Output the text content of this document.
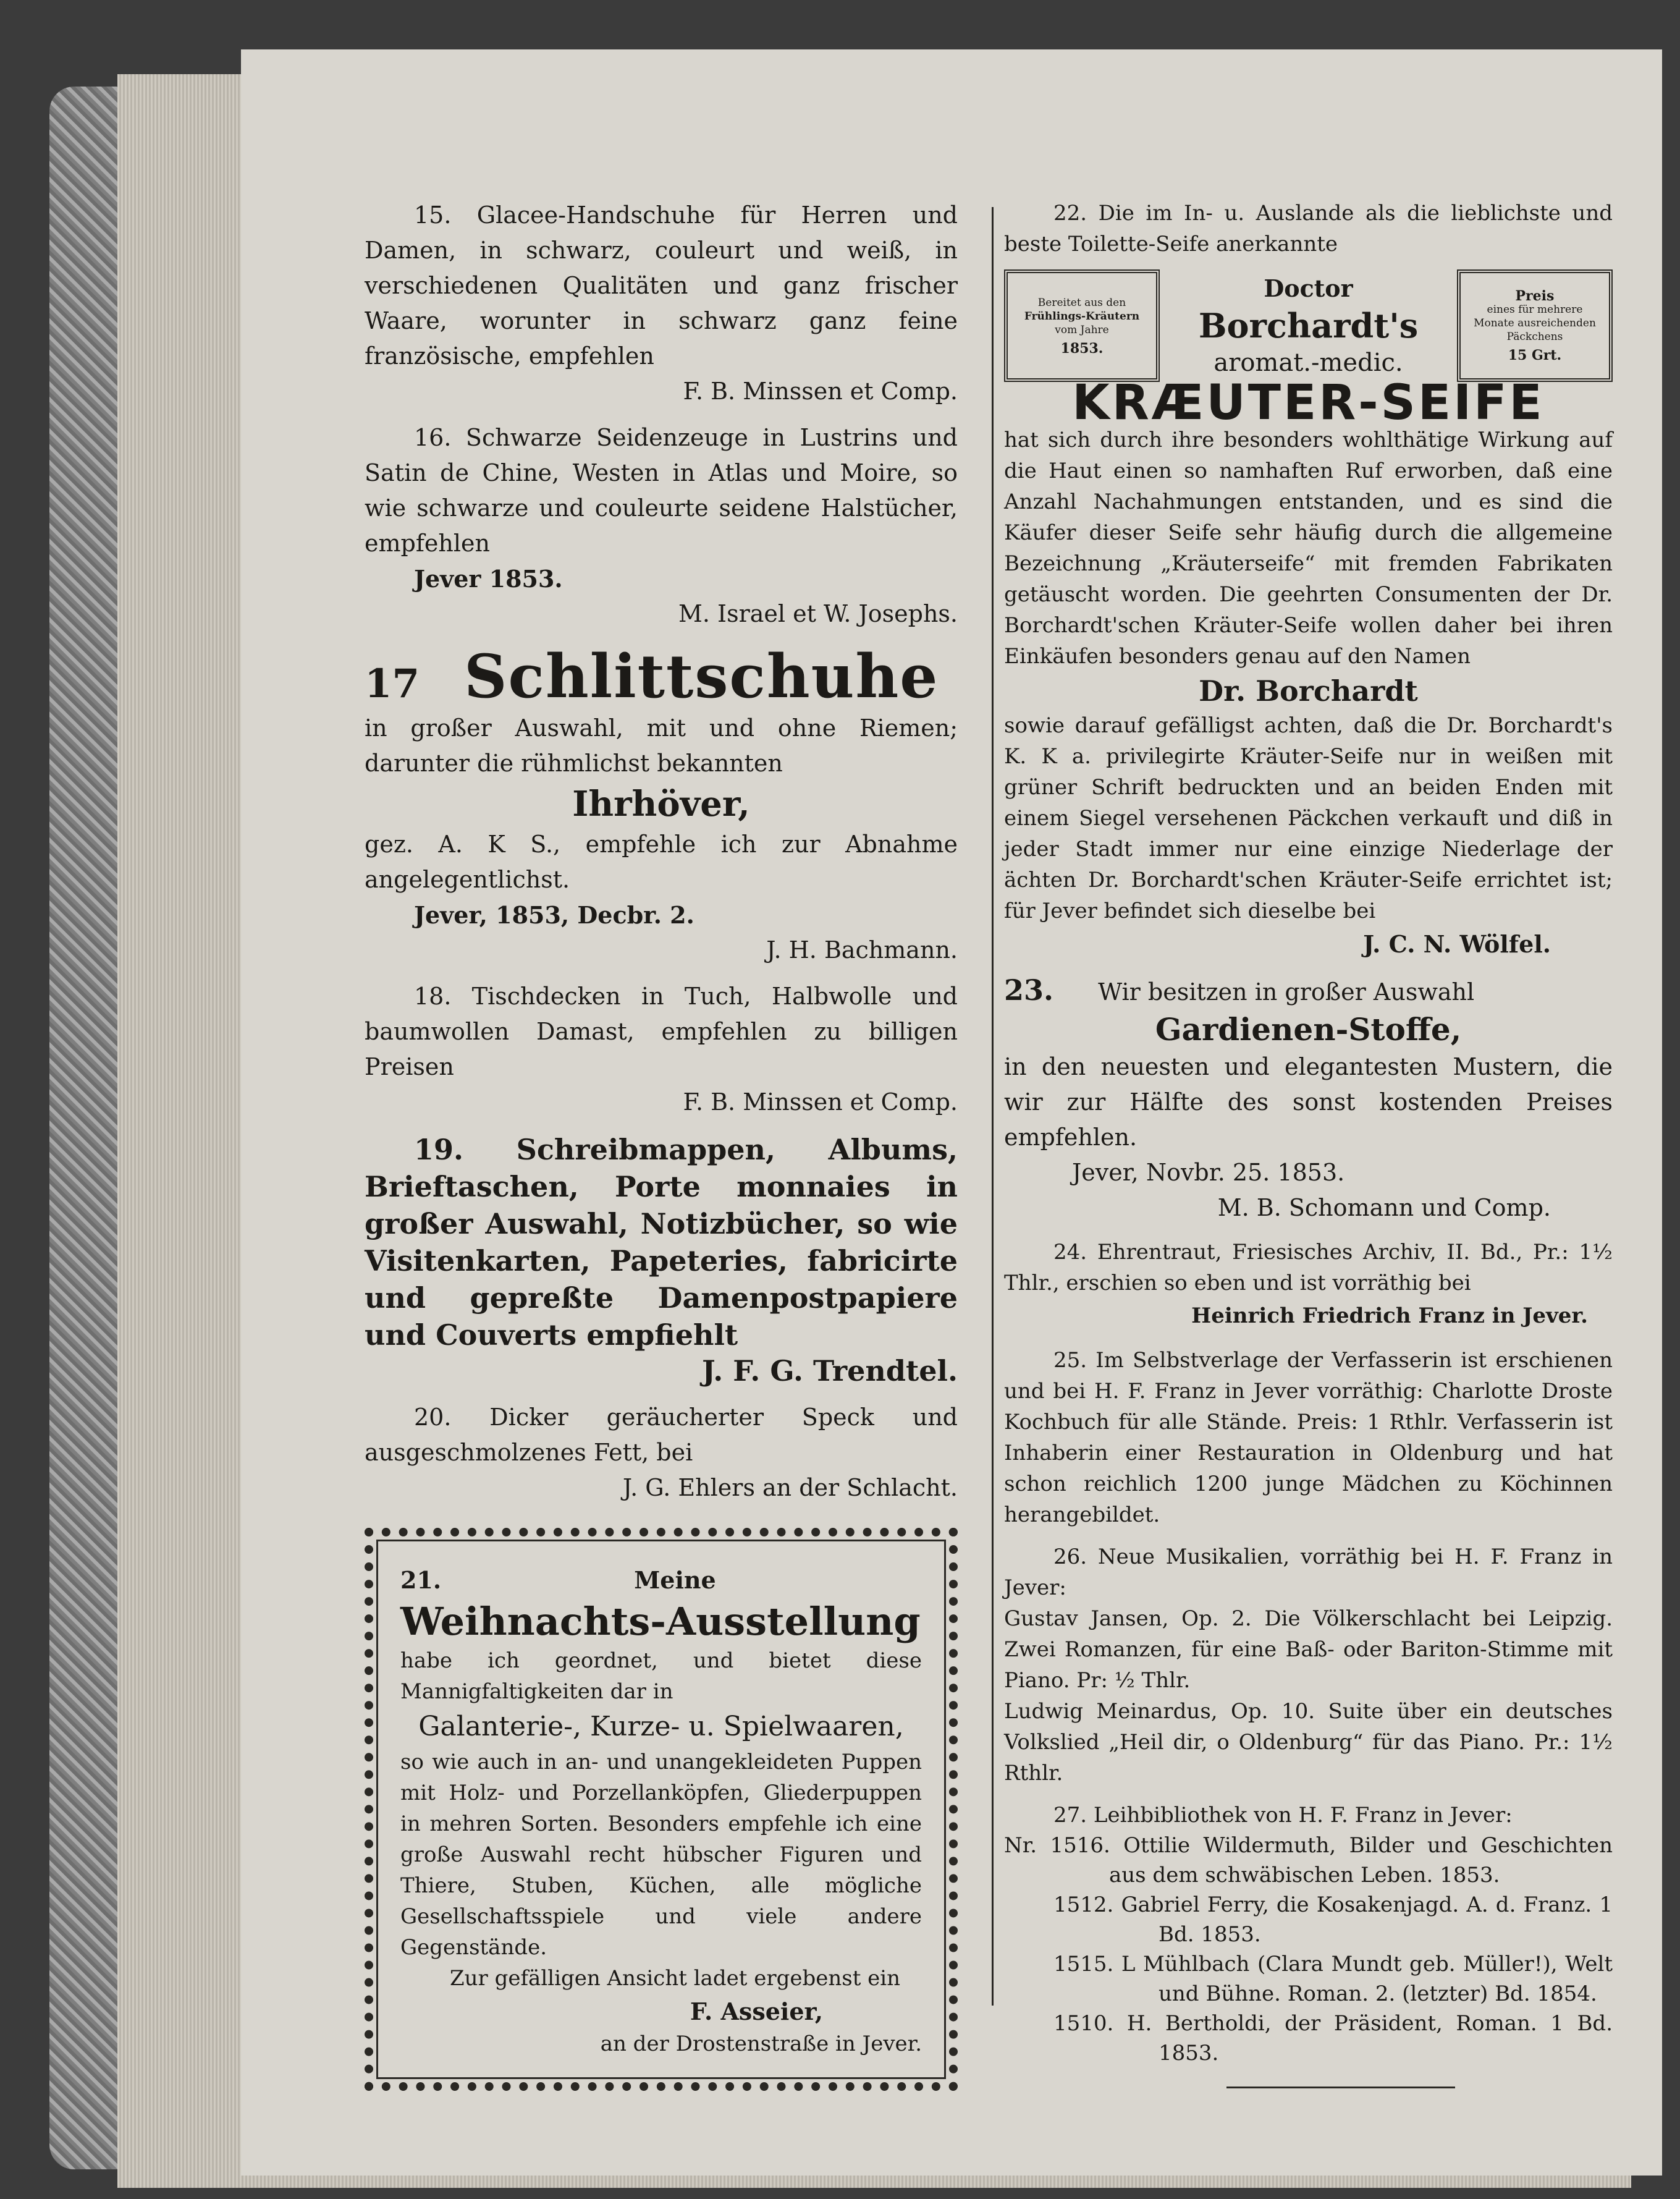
15. Glacee-Handschuhe für Herren und Damen, in schwarz, couleurt und weiß, in verschiedenen Qualitäten und ganz frischer Waare, worunter in schwarz ganz feine französische, empfehlen

F. B. Minssen et Comp.

16. Schwarze Seidenzeuge in Lustrins und Satin de Chine, Westen in Atlas und Moire, so wie schwarze und couleurte seidene Halstücher, empfehlen

Jever 1853.

M. Israel et W. Josephs.

17 Schlittschuhe

in großer Auswahl, mit und ohne Riemen; darunter die rühmlichst bekannten

Ihrhöver,

gez. A. K S., empfehle ich zur Abnahme angelegentlichst.

Jever, 1853, Decbr. 2.

J. H. Bachmann.

18. Tischdecken in Tuch, Halbwolle und baumwollen Damast, empfehlen zu billigen Preisen

F. B. Minssen et Comp.

19. Schreibmappen, Albums, Brieftaschen, Porte monnaies in großer Auswahl, Notizbücher, so wie Visitenkarten, Papeteries, fabricirte und gepreßte Damenpostpapiere und Couverts empfiehlt

J. F. G. Trendtel.

20. Dicker geräucherter Speck und ausgeschmolzenes Fett, bei

J. G. Ehlers an der Schlacht.

21.	Meine

Weihnachts-Ausstellung

habe ich geordnet, und bietet diese Mannigfaltigkeiten dar in

Galanterie-, Kurze- u. Spielwaaren,

so wie auch in an- und unangekleideten Puppen mit Holz- und Porzellanköpfen, Gliederpuppen in mehren Sorten. Besonders empfehle ich eine große Auswahl recht hübscher Figuren und Thiere, Stuben, Küchen, alle mögliche Gesellschaftsspiele und viele andere Gegenstände.

Zur gefälligen Ansicht ladet ergebenst ein

F. Asseier,

an der Drostenstraße in Jever.

22. Die im In- u. Auslande als die lieblichste und beste Toilette-Seife anerkannte

Bereitet aus den
Frühlings-Kräutern
vom Jahre
1853.
Doctor
Borchardt's
aromat.-medic.
Preis
eines für mehrere
Monate ausreichenden
Päckchens
15 Grt.
KRÆUTER-SEIFE

hat sich durch ihre besonders wohlthätige Wirkung auf die Haut einen so namhaften Ruf erworben, daß eine Anzahl Nachahmungen entstanden, und es sind die Käufer dieser Seife sehr häufig durch die allgemeine Bezeichnung „Kräuterseife“ mit fremden Fabrikaten getäuscht worden. Die geehrten Consumenten der Dr. Borchardt'schen Kräuter-Seife wollen daher bei ihren Einkäufen besonders genau auf den Namen

Dr. Borchardt

sowie darauf gefälligst achten, daß die Dr. Borchardt's K. K a. privilegirte Kräuter-Seife nur in weißen mit grüner Schrift bedruckten und an beiden Enden mit einem Siegel versehenen Päckchen verkauft und diß in jeder Stadt immer nur eine einzige Niederlage der ächten Dr. Borchardt'schen Kräuter-Seife errichtet ist; für Jever befindet sich dieselbe bei

J. C. N. Wölfel.

23. Wir besitzen in großer Auswahl

Gardienen-Stoffe,

in den neuesten und elegantesten Mustern, die wir zur Hälfte des sonst kostenden Preises empfehlen.

Jever, Novbr. 25. 1853.

M. B. Schomann und Comp.

24. Ehrentraut, Friesisches Archiv, II. Bd., Pr.: 1½ Thlr., erschien so eben und ist vorräthig bei

Heinrich Friedrich Franz in Jever.

25. Im Selbstverlage der Verfasserin ist erschienen und bei H. F. Franz in Jever vorräthig: Charlotte Droste Kochbuch für alle Stände. Preis: 1 Rthlr. Verfasserin ist Inhaberin einer Restauration in Oldenburg und hat schon reichlich 1200 junge Mädchen zu Köchinnen herangebildet.

26. Neue Musikalien, vorräthig bei H. F. Franz in Jever:

Gustav Jansen, Op. 2. Die Völkerschlacht bei Leipzig. Zwei Romanzen, für eine Baß- oder Bariton-Stimme mit Piano. Pr: ½ Thlr.

Ludwig Meinardus, Op. 10. Suite über ein deutsches Volkslied „Heil dir, o Oldenburg“ für das Piano. Pr.: 1½ Rthlr.

27. Leihbibliothek von H. F. Franz in Jever:

Nr. 1516. Ottilie Wildermuth, Bilder und Geschichten aus dem schwäbischen Leben. 1853.

1512. Gabriel Ferry, die Kosakenjagd. A. d. Franz. 1 Bd. 1853.

1515. L Mühlbach (Clara Mundt geb. Müller!), Welt und Bühne. Roman. 2. (letzter) Bd. 1854.

1510. H. Bertholdi, der Präsident, Roman. 1 Bd. 1853.
